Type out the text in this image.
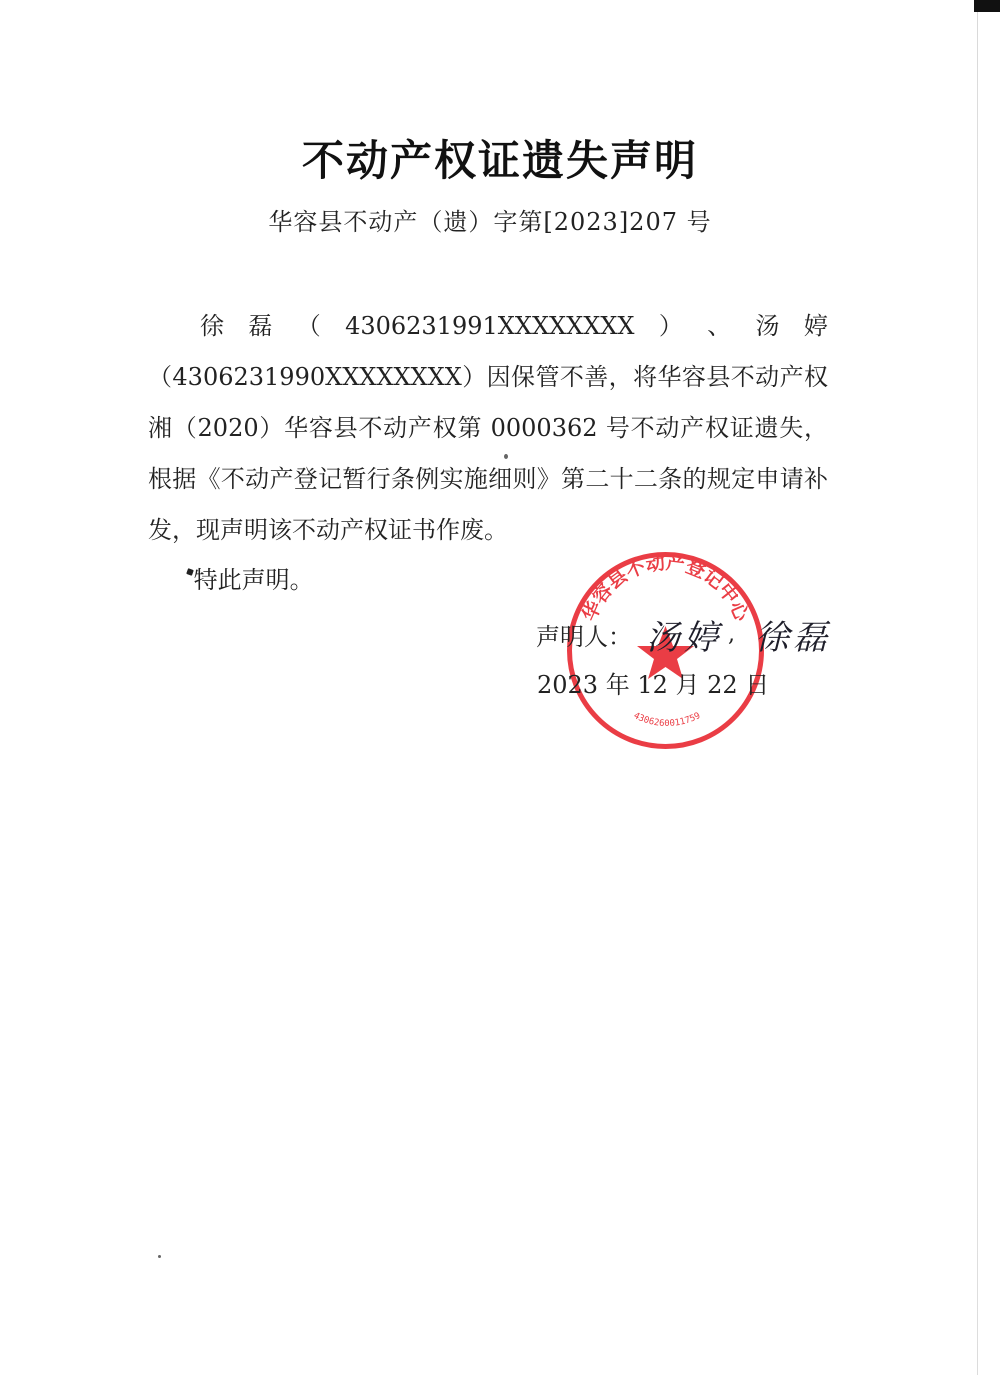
不动产权证遗失声明
华容县不动产（遗）字第[2023]207 号

徐 磊 （ 4306231991XXXXXXXX ） 、 汤 婷

（4306231990XXXXXXXX）因保管不善，将华容县不动产权湘（2020）华容县不动产权第 0000362 号不动产权证遗失，根据《不动产登记暂行条例实施细则》第二十二条的规定申请补发，现声明该不动产权证书作废。

特此声明。
华容县不动产登记中心
4306260011759
声明人： 汤婷 , 徐磊
2023 年 12 月 22 日
